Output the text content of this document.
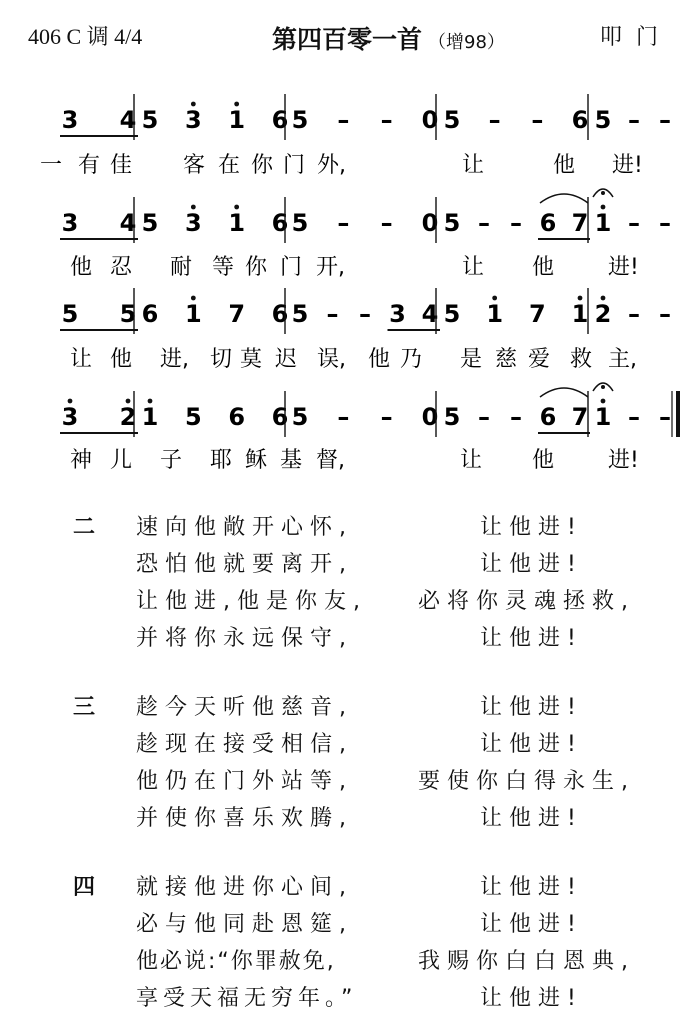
406 C 调 4/4	第四百零一首 （增98）	叩门
3 4 5 3 1 6 5 – – 0 5 – – 6 5 – –
一 有 佳 客 在 你 门 外,	让	他 进!
3 4 5 3 1 6 5 – – 0 5 – – 6 7 1 – –
他 忍 耐 等 你 门 开,	让 他 进!
5 5 6 1 7 6 5 – – 3 4 5 1 7 1 2 – –
让 他 进, 切 莫 迟 误, 他 乃 是 慈 爱 救 主,
3 2 1 5 6 6 5 – – 0 5 – – 6 7 1 – –
神 儿 子 耶 稣 基 督,	让 他 进!
二 速向他敞开心怀,	让他进!
恐怕他就要离开,	让他进!
让他进,他是你友, 必将你灵魂拯救,
并将你永远保守,	让他进!
三 趁今天听他慈音,	让他进!
趁现在接受相信,	让他进!
他仍在门外站等,	要使你白得永生,
并使你喜乐欢腾,	让他进!
四 就接他进你心间,	让他进!
必与他同赴恩筵,	让他进!
他必说:“你罪赦免,	我赐你白白恩典,
享受天福无穷年。”	让他进!
